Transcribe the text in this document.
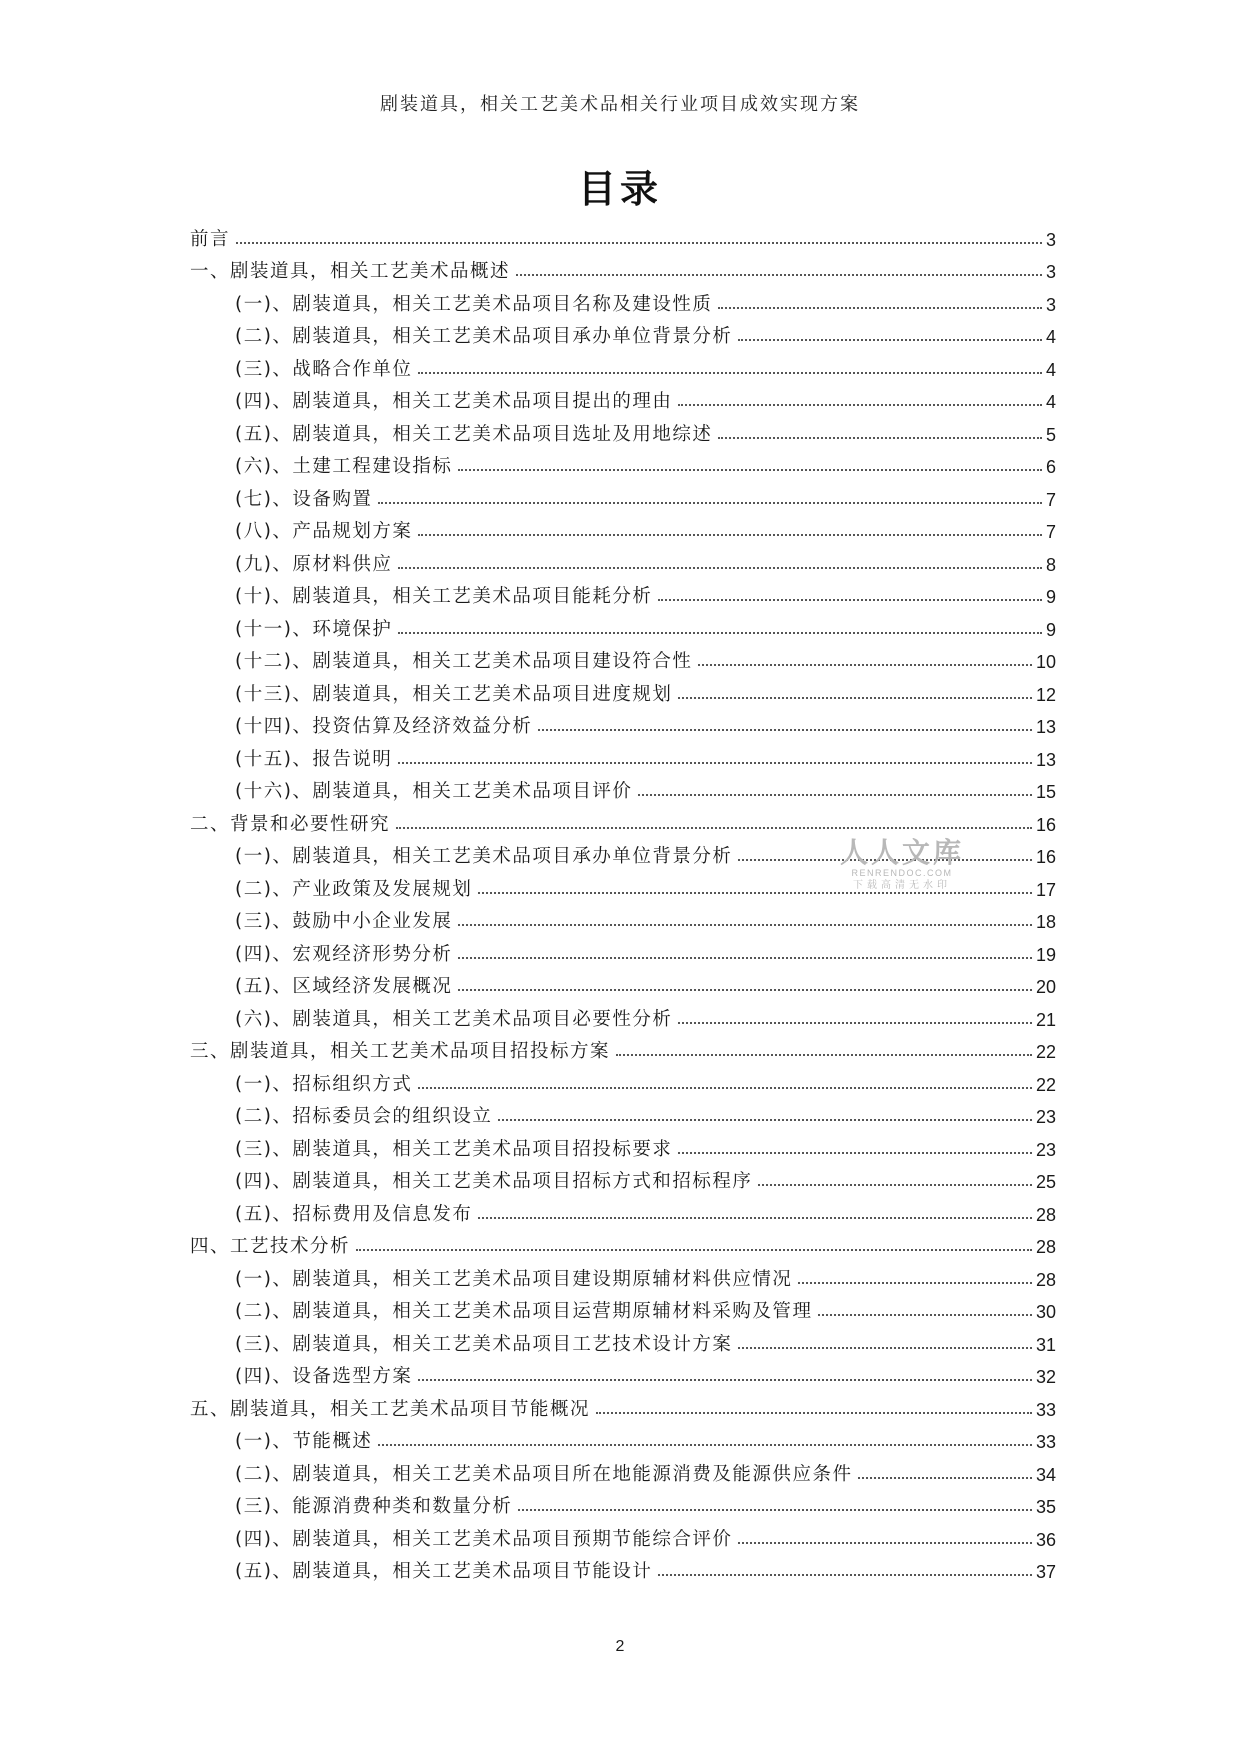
剧装道具，相关工艺美术品相关行业项目成效实现方案
目录
前言	3
一、剧装道具，相关工艺美术品概述	3
(一)、剧装道具，相关工艺美术品项目名称及建设性质	3
(二)、剧装道具，相关工艺美术品项目承办单位背景分析	4
(三)、战略合作单位	4
(四)、剧装道具，相关工艺美术品项目提出的理由	4
(五)、剧装道具，相关工艺美术品项目选址及用地综述	5
(六)、土建工程建设指标	6
(七)、设备购置	7
(八)、产品规划方案	7
(九)、原材料供应	8
(十)、剧装道具，相关工艺美术品项目能耗分析	9
(十一)、环境保护	9
(十二)、剧装道具，相关工艺美术品项目建设符合性	10
(十三)、剧装道具，相关工艺美术品项目进度规划	12
(十四)、投资估算及经济效益分析	13
(十五)、报告说明	13
(十六)、剧装道具，相关工艺美术品项目评价	15
二、背景和必要性研究	16
(一)、剧装道具，相关工艺美术品项目承办单位背景分析	16
(二)、产业政策及发展规划	17
(三)、鼓励中小企业发展	18
(四)、宏观经济形势分析	19
(五)、区域经济发展概况	20
(六)、剧装道具，相关工艺美术品项目必要性分析	21
三、剧装道具，相关工艺美术品项目招投标方案	22
(一)、招标组织方式	22
(二)、招标委员会的组织设立	23
(三)、剧装道具，相关工艺美术品项目招投标要求	23
(四)、剧装道具，相关工艺美术品项目招标方式和招标程序	25
(五)、招标费用及信息发布	28
四、工艺技术分析	28
(一)、剧装道具，相关工艺美术品项目建设期原辅材料供应情况	28
(二)、剧装道具，相关工艺美术品项目运营期原辅材料采购及管理	30
(三)、剧装道具，相关工艺美术品项目工艺技术设计方案	31
(四)、设备选型方案	32
五、剧装道具，相关工艺美术品项目节能概况	33
(一)、节能概述	33
(二)、剧装道具，相关工艺美术品项目所在地能源消费及能源供应条件	34
(三)、能源消费种类和数量分析	35
(四)、剧装道具，相关工艺美术品项目预期节能综合评价	36
(五)、剧装道具，相关工艺美术品项目节能设计	37
人人文库
RENRENDOC.COM
下载高清无水印
2
